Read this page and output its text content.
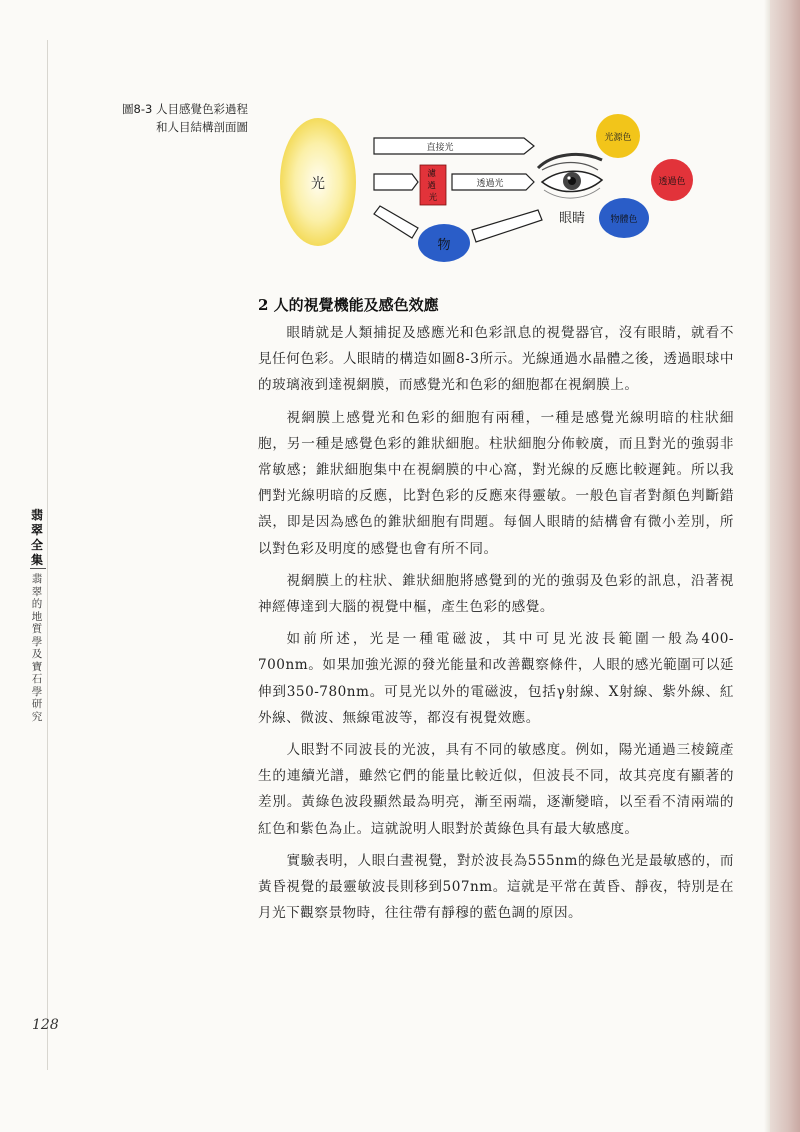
圖8-3 人目感覺色彩過程
和人目結構剖面圖
光
直接光
濾 過 光
透過光
物
眼睛
光源色
透過色
物體色
2 人的視覺機能及感色效應

眼睛就是人類捕捉及感應光和色彩訊息的視覺器官，沒有眼睛，就看不見任何色彩。人眼睛的構造如圖8-3所示。光線通過水晶體之後，透過眼球中的玻璃液到達視網膜，而感覺光和色彩的細胞都在視網膜上。

視網膜上感覺光和色彩的細胞有兩種，一種是感覺光線明暗的柱狀細胞，另一種是感覺色彩的錐狀細胞。柱狀細胞分佈較廣，而且對光的強弱非常敏感；錐狀細胞集中在視網膜的中心窩，對光線的反應比較遲鈍。所以我們對光線明暗的反應，比對色彩的反應來得靈敏。一般色盲者對顏色判斷錯誤，即是因為感色的錐狀細胞有問題。每個人眼睛的結構會有微小差別，所以對色彩及明度的感覺也會有所不同。

視網膜上的柱狀、錐狀細胞將感覺到的光的強弱及色彩的訊息，沿著視神經傳達到大腦的視覺中樞，產生色彩的感覺。

如前所述，光是一種電磁波，其中可見光波長範圍一般為400-700nm。如果加強光源的發光能量和改善觀察條件，人眼的感光範圍可以延伸到350-780nm。可見光以外的電磁波，包括γ射線、X射線、紫外線、紅外線、微波、無線電波等，都沒有視覺效應。

人眼對不同波長的光波，具有不同的敏感度。例如，陽光通過三棱鏡產生的連續光譜，雖然它們的能量比較近似，但波長不同，故其亮度有顯著的差別。黃綠色波段顯然最為明亮，漸至兩端，逐漸變暗，以至看不清兩端的紅色和紫色為止。這就說明人眼對於黃綠色具有最大敏感度。

實驗表明，人眼白晝視覺，對於波長為555nm的綠色光是最敏感的，而黃昏視覺的最靈敏波長則移到507nm。這就是平常在黃昏、靜夜，特別是在月光下觀察景物時，往往帶有靜穆的藍色調的原因。

翡翠全集
翡翠的地質學及寶石學研究
128
